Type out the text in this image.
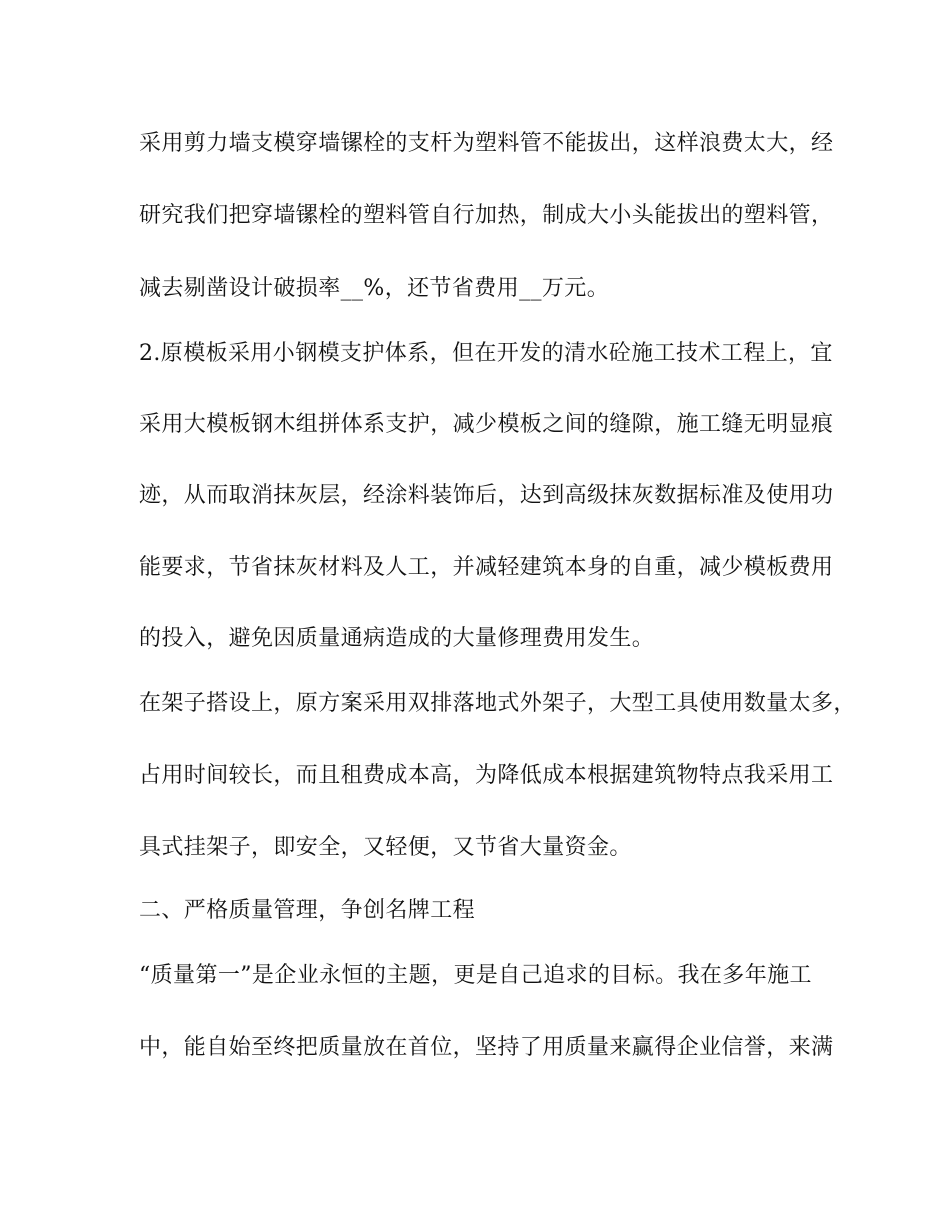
采用剪力墙支模穿墙镙栓的支杆为塑料管不能拔出，这样浪费太大，经
研究我们把穿墙镙栓的塑料管自行加热，制成大小头能拔出的塑料管，
减去剔凿设计破损率__%，还节省费用__万元。
2.原模板采用小钢模支护体系，但在开发的清水砼施工技术工程上，宜
采用大模板钢木组拼体系支护，减少模板之间的缝隙，施工缝无明显痕
迹，从而取消抹灰层，经涂料装饰后，达到高级抹灰数据标准及使用功
能要求，节省抹灰材料及人工，并减轻建筑本身的自重，减少模板费用
的投入，避免因质量通病造成的大量修理费用发生。
在架子搭设上，原方案采用双排落地式外架子，大型工具使用数量太多，
占用时间较长，而且租费成本高，为降低成本根据建筑物特点我采用工
具式挂架子，即安全，又轻便，又节省大量资金。
二、严格质量管理，争创名牌工程
“质量第一”是企业永恒的主题，更是自己追求的目标。我在多年施工
中，能自始至终把质量放在首位，坚持了用质量来赢得企业信誉，来满
